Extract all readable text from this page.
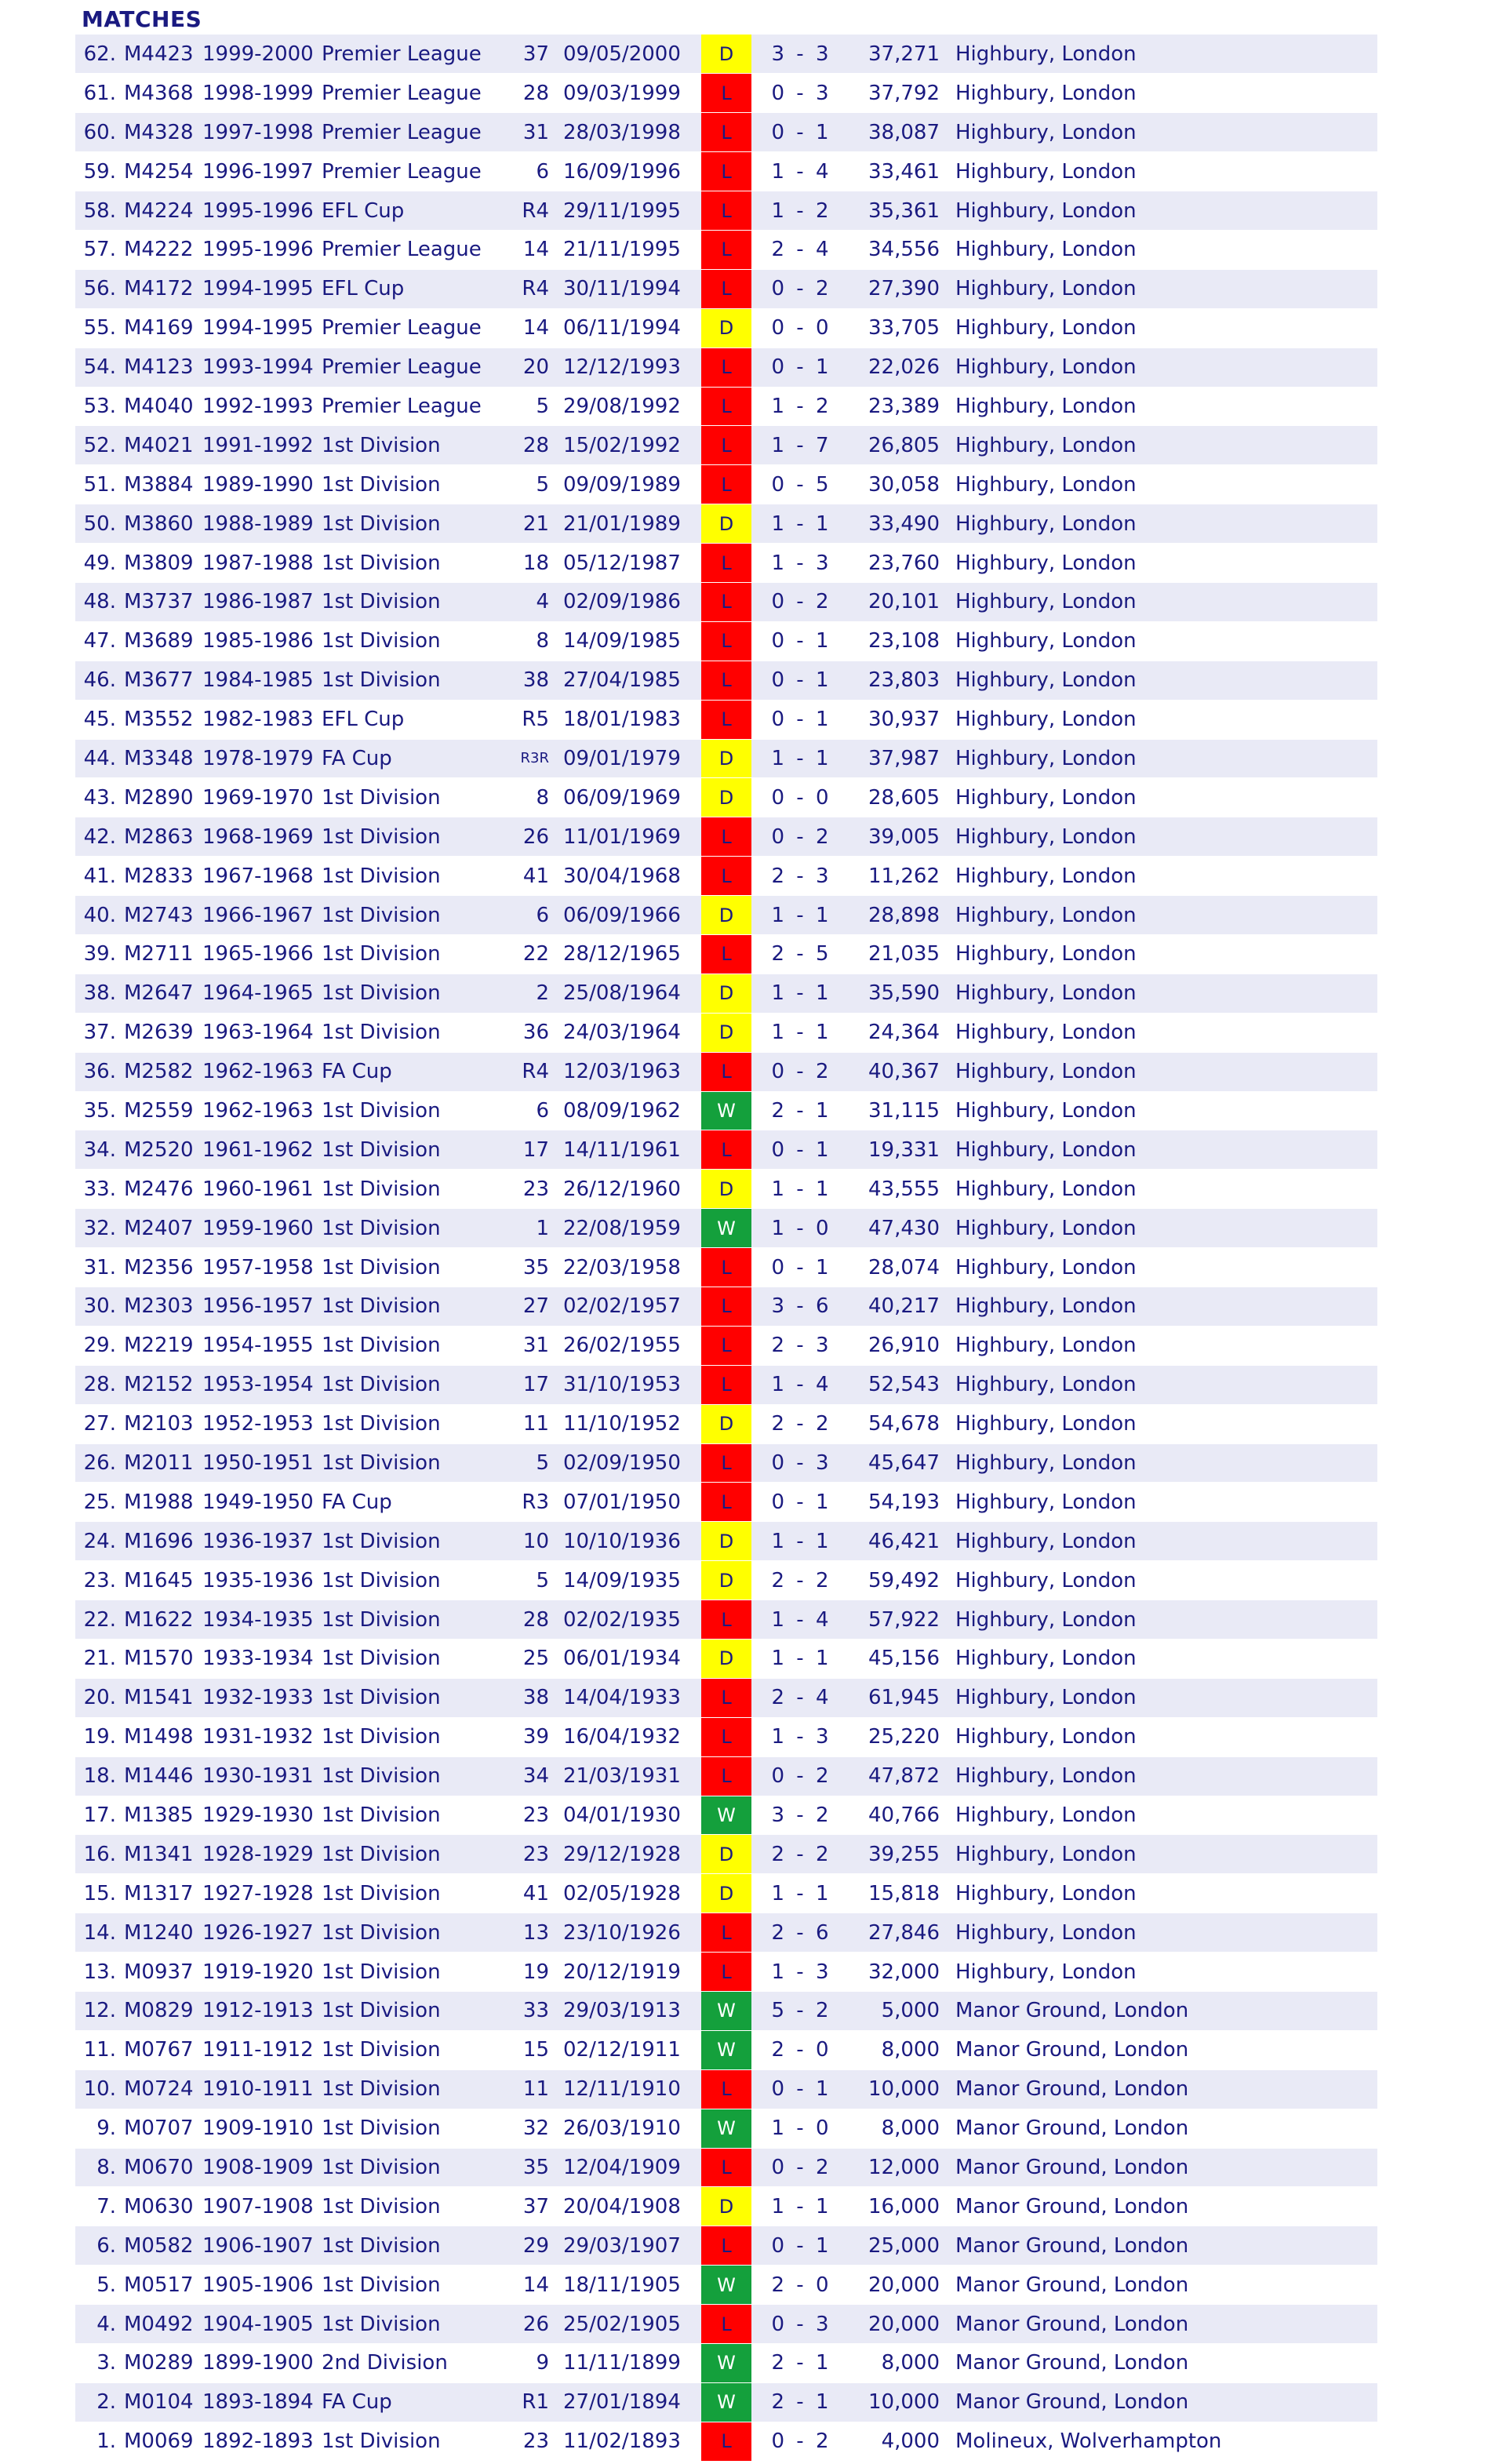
MATCHES
62.	M4423	1999-2000	Premier League	37	09/05/2000	D	3	-	3	37,271	Highbury, London
61.	M4368	1998-1999	Premier League	28	09/03/1999	L	0	-	3	37,792	Highbury, London
60.	M4328	1997-1998	Premier League	31	28/03/1998	L	0	-	1	38,087	Highbury, London
59.	M4254	1996-1997	Premier League	6	16/09/1996	L	1	-	4	33,461	Highbury, London
58.	M4224	1995-1996	EFL Cup	R4	29/11/1995	L	1	-	2	35,361	Highbury, London
57.	M4222	1995-1996	Premier League	14	21/11/1995	L	2	-	4	34,556	Highbury, London
56.	M4172	1994-1995	EFL Cup	R4	30/11/1994	L	0	-	2	27,390	Highbury, London
55.	M4169	1994-1995	Premier League	14	06/11/1994	D	0	-	0	33,705	Highbury, London
54.	M4123	1993-1994	Premier League	20	12/12/1993	L	0	-	1	22,026	Highbury, London
53.	M4040	1992-1993	Premier League	5	29/08/1992	L	1	-	2	23,389	Highbury, London
52.	M4021	1991-1992	1st Division	28	15/02/1992	L	1	-	7	26,805	Highbury, London
51.	M3884	1989-1990	1st Division	5	09/09/1989	L	0	-	5	30,058	Highbury, London
50.	M3860	1988-1989	1st Division	21	21/01/1989	D	1	-	1	33,490	Highbury, London
49.	M3809	1987-1988	1st Division	18	05/12/1987	L	1	-	3	23,760	Highbury, London
48.	M3737	1986-1987	1st Division	4	02/09/1986	L	0	-	2	20,101	Highbury, London
47.	M3689	1985-1986	1st Division	8	14/09/1985	L	0	-	1	23,108	Highbury, London
46.	M3677	1984-1985	1st Division	38	27/04/1985	L	0	-	1	23,803	Highbury, London
45.	M3552	1982-1983	EFL Cup	R5	18/01/1983	L	0	-	1	30,937	Highbury, London
44.	M3348	1978-1979	FA Cup	R3R	09/01/1979	D	1	-	1	37,987	Highbury, London
43.	M2890	1969-1970	1st Division	8	06/09/1969	D	0	-	0	28,605	Highbury, London
42.	M2863	1968-1969	1st Division	26	11/01/1969	L	0	-	2	39,005	Highbury, London
41.	M2833	1967-1968	1st Division	41	30/04/1968	L	2	-	3	11,262	Highbury, London
40.	M2743	1966-1967	1st Division	6	06/09/1966	D	1	-	1	28,898	Highbury, London
39.	M2711	1965-1966	1st Division	22	28/12/1965	L	2	-	5	21,035	Highbury, London
38.	M2647	1964-1965	1st Division	2	25/08/1964	D	1	-	1	35,590	Highbury, London
37.	M2639	1963-1964	1st Division	36	24/03/1964	D	1	-	1	24,364	Highbury, London
36.	M2582	1962-1963	FA Cup	R4	12/03/1963	L	0	-	2	40,367	Highbury, London
35.	M2559	1962-1963	1st Division	6	08/09/1962	W	2	-	1	31,115	Highbury, London
34.	M2520	1961-1962	1st Division	17	14/11/1961	L	0	-	1	19,331	Highbury, London
33.	M2476	1960-1961	1st Division	23	26/12/1960	D	1	-	1	43,555	Highbury, London
32.	M2407	1959-1960	1st Division	1	22/08/1959	W	1	-	0	47,430	Highbury, London
31.	M2356	1957-1958	1st Division	35	22/03/1958	L	0	-	1	28,074	Highbury, London
30.	M2303	1956-1957	1st Division	27	02/02/1957	L	3	-	6	40,217	Highbury, London
29.	M2219	1954-1955	1st Division	31	26/02/1955	L	2	-	3	26,910	Highbury, London
28.	M2152	1953-1954	1st Division	17	31/10/1953	L	1	-	4	52,543	Highbury, London
27.	M2103	1952-1953	1st Division	11	11/10/1952	D	2	-	2	54,678	Highbury, London
26.	M2011	1950-1951	1st Division	5	02/09/1950	L	0	-	3	45,647	Highbury, London
25.	M1988	1949-1950	FA Cup	R3	07/01/1950	L	0	-	1	54,193	Highbury, London
24.	M1696	1936-1937	1st Division	10	10/10/1936	D	1	-	1	46,421	Highbury, London
23.	M1645	1935-1936	1st Division	5	14/09/1935	D	2	-	2	59,492	Highbury, London
22.	M1622	1934-1935	1st Division	28	02/02/1935	L	1	-	4	57,922	Highbury, London
21.	M1570	1933-1934	1st Division	25	06/01/1934	D	1	-	1	45,156	Highbury, London
20.	M1541	1932-1933	1st Division	38	14/04/1933	L	2	-	4	61,945	Highbury, London
19.	M1498	1931-1932	1st Division	39	16/04/1932	L	1	-	3	25,220	Highbury, London
18.	M1446	1930-1931	1st Division	34	21/03/1931	L	0	-	2	47,872	Highbury, London
17.	M1385	1929-1930	1st Division	23	04/01/1930	W	3	-	2	40,766	Highbury, London
16.	M1341	1928-1929	1st Division	23	29/12/1928	D	2	-	2	39,255	Highbury, London
15.	M1317	1927-1928	1st Division	41	02/05/1928	D	1	-	1	15,818	Highbury, London
14.	M1240	1926-1927	1st Division	13	23/10/1926	L	2	-	6	27,846	Highbury, London
13.	M0937	1919-1920	1st Division	19	20/12/1919	L	1	-	3	32,000	Highbury, London
12.	M0829	1912-1913	1st Division	33	29/03/1913	W	5	-	2	5,000	Manor Ground, London
11.	M0767	1911-1912	1st Division	15	02/12/1911	W	2	-	0	8,000	Manor Ground, London
10.	M0724	1910-1911	1st Division	11	12/11/1910	L	0	-	1	10,000	Manor Ground, London
9.	M0707	1909-1910	1st Division	32	26/03/1910	W	1	-	0	8,000	Manor Ground, London
8.	M0670	1908-1909	1st Division	35	12/04/1909	L	0	-	2	12,000	Manor Ground, London
7.	M0630	1907-1908	1st Division	37	20/04/1908	D	1	-	1	16,000	Manor Ground, London
6.	M0582	1906-1907	1st Division	29	29/03/1907	L	0	-	1	25,000	Manor Ground, London
5.	M0517	1905-1906	1st Division	14	18/11/1905	W	2	-	0	20,000	Manor Ground, London
4.	M0492	1904-1905	1st Division	26	25/02/1905	L	0	-	3	20,000	Manor Ground, London
3.	M0289	1899-1900	2nd Division	9	11/11/1899	W	2	-	1	8,000	Manor Ground, London
2.	M0104	1893-1894	FA Cup	R1	27/01/1894	W	2	-	1	10,000	Manor Ground, London
1.	M0069	1892-1893	1st Division	23	11/02/1893	L	0	-	2	4,000	Molineux, Wolverhampton
